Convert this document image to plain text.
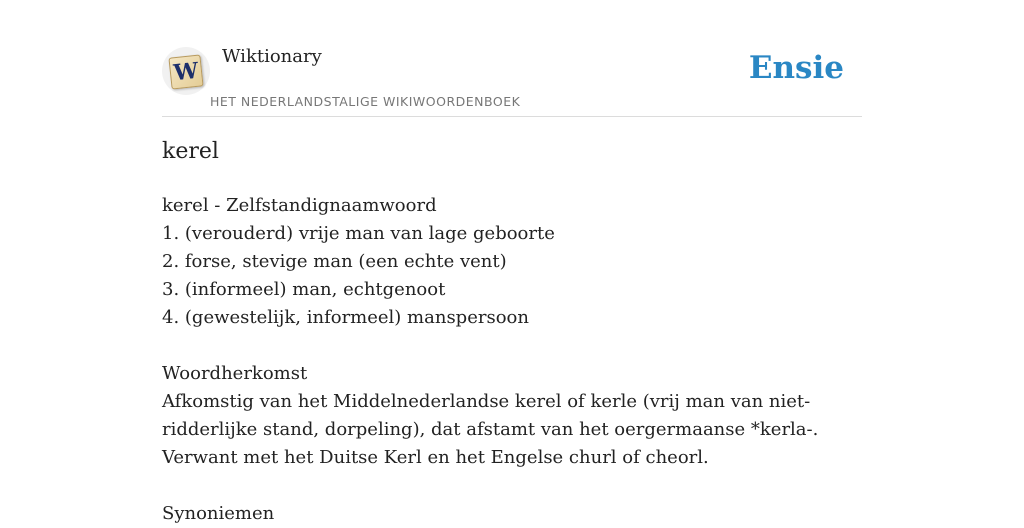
W
Wiktionary
HET NEDERLANDSTALIGE WIKIWOORDENBOEK
Ensie
kerel
kerel - Zelfstandignaamwoord
1. (verouderd) vrije man van lage geboorte
2. forse, stevige man (een echte vent)
3. (informeel) man, echtgenoot
4. (gewestelijk, informeel) manspersoon
Woordherkomst
Afkomstig van het Middelnederlandse kerel of kerle (vrij man van niet-ridderlijke stand, dorpeling), dat afstamt van het oergermaanse *kerla-. Verwant met het Duitse Kerl en het Engelse churl of cheorl.
Synoniemen
